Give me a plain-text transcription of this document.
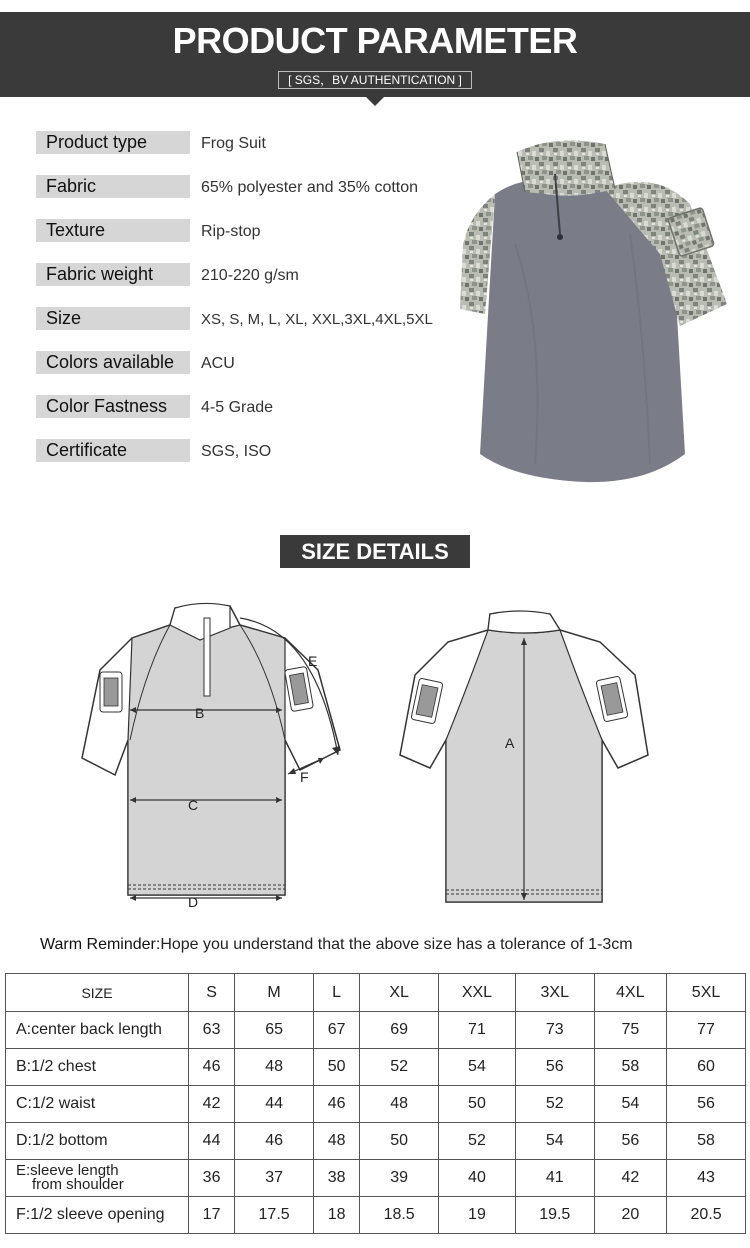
PRODUCT PARAMETER
[ SGS，BV AUTHENTICATION ]
Product type	Frog Suit
Fabric	65% polyester and 35% cotton
Texture	Rip-stop
Fabric weight	210-220 g/sm
Size	XS, S, M, L, XL, XXL,3XL,4XL,5XL
Colors available	ACU
Color Fastness	4-5 Grade
Certificate	SGS, ISO
SIZE DETAILS
B
C
D
E
F
A
Warm Reminder:Hope you understand that the above size has a tolerance of 1-3cm
SIZE	S	M	L	XL	XXL	3XL	4XL	5XL
A:center back length	63	65	67	69	71	73	75	77
B:1/2 chest	46	48	50	52	54	56	58	60
C:1/2 waist	42	44	46	48	50	52	54	56
D:1/2 bottom	44	46	48	50	52	54	56	58

E:sleeve length
from shoulder	36	37	38	39	40	41	42	43
F:1/2 sleeve opening	17	17.5	18	18.5	19	19.5	20	20.5
